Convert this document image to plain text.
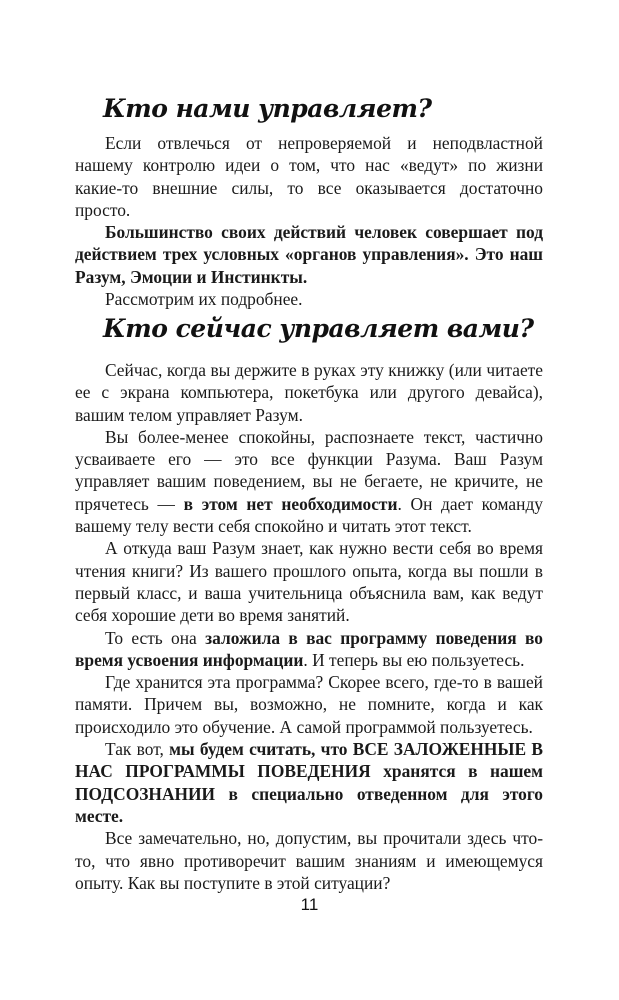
Кто нами управляет?

Если отвлечься от непроверяемой и неподвластной нашему контролю идеи о том, что нас «ведут» по жизни какие-то внешние силы, то все оказывается достаточно просто.

Большинство своих действий человек совершает под действием трех условных «органов управления». Это наш Разум, Эмоции и Инстинкты.

Рассмотрим их подробнее.

Кто сейчас управляет вами?

Сейчас, когда вы держите в руках эту книжку (или читаете ее с экрана компьютера, покетбука или другого девайса), вашим телом управляет Разум.

Вы более-менее спокойны, распознаете текст, частично усваиваете его — это все функции Разума. Ваш Разум управляет вашим поведением, вы не бегаете, не кричите, не прячетесь — в этом нет необходимости. Он дает команду вашему телу вести себя спокойно и читать этот текст.

А откуда ваш Разум знает, как нужно вести себя во время чтения книги? Из вашего прошлого опыта, когда вы пошли в первый класс, и ваша учительница объяснила вам, как ведут себя хорошие дети во время занятий.

То есть она заложила в вас программу поведения во время усвоения информации. И теперь вы ею пользуетесь.

Где хранится эта программа? Скорее всего, где-то в вашей памяти. Причем вы, возможно, не помните, когда и как происходило это обучение. А самой программой пользуетесь.

Так вот, мы будем считать, что ВСЕ ЗАЛОЖЕННЫЕ В НАС ПРОГРАММЫ ПОВЕДЕНИЯ хранятся в нашем ПОДСОЗНАНИИ в специально отведенном для этого месте.

Все замечательно, но, допустим, вы прочитали здесь что-то, что явно противоречит вашим знаниям и имеющемуся опыту. Как вы поступите в этой ситуации?

11
